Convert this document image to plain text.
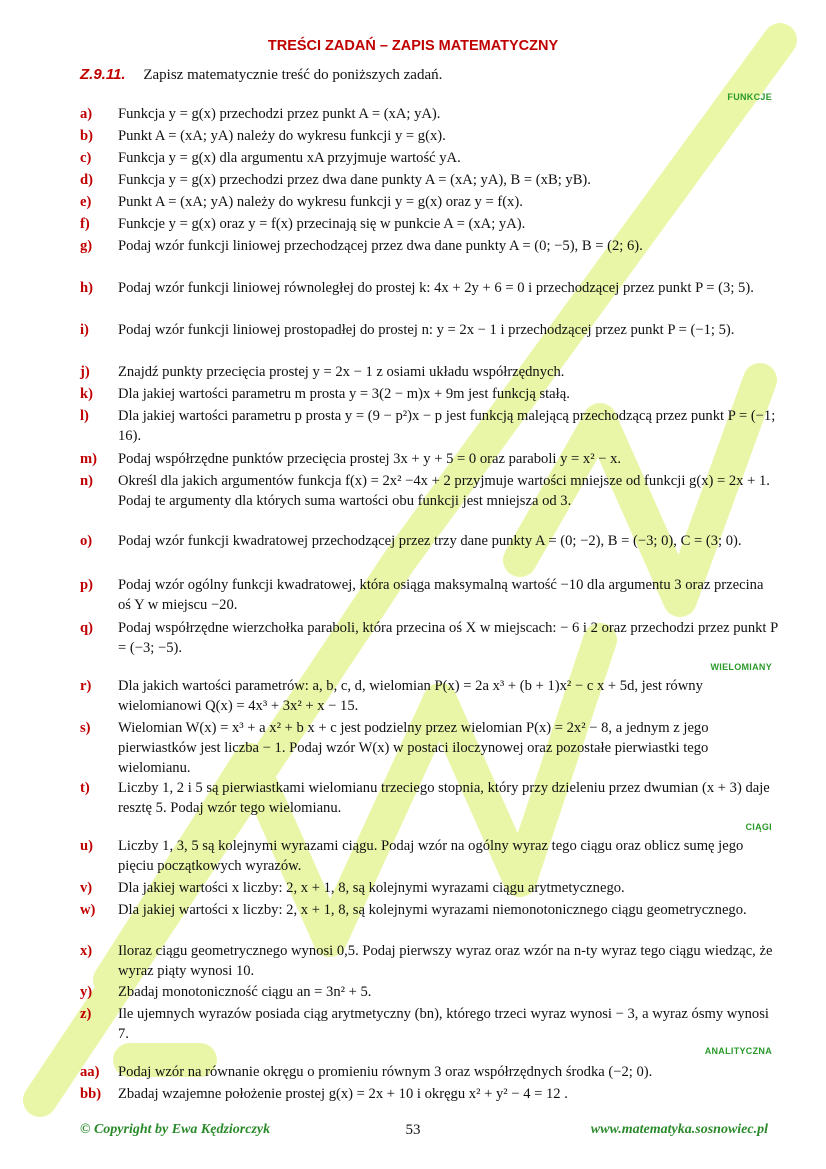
TREŚCI ZADAŃ – ZAPIS MATEMATYCZNY
Z.9.11. Zapisz matematycznie treść do poniższych zadań.
FUNKCJE
a) Funkcja y = g(x) przechodzi przez punkt A = (xA; yA).
b) Punkt A = (xA; yA) należy do wykresu funkcji y = g(x).
c) Funkcja y = g(x) dla argumentu xA przyjmuje wartość yA.
d) Funkcja y = g(x) przechodzi przez dwa dane punkty A = (xA; yA), B = (xB; yB).
e) Punkt A = (xA; yA) należy do wykresu funkcji y = g(x) oraz y = f(x).
f) Funkcje y = g(x) oraz y = f(x) przecinają się w punkcie A = (xA; yA).
g) Podaj wzór funkcji liniowej przechodzącej przez dwa dane punkty A = (0; −5), B = (2; 6).
h) Podaj wzór funkcji liniowej równoległej do prostej k: 4x + 2y + 6 = 0 i przechodzącej przez punkt P = (3; 5).
i) Podaj wzór funkcji liniowej prostopadłej do prostej n: y = 2x − 1 i przechodzącej przez punkt P = (−1; 5).
j) Znajdź punkty przecięcia prostej y = 2x − 1 z osiami układu współrzędnych.
k) Dla jakiej wartości parametru m prosta y = 3(2 − m)x + 9m jest funkcją stałą.
l) Dla jakiej wartości parametru p prosta y = (9 − p²)x − p jest funkcją malejącą przechodzącą przez punkt P = (−1; 16).
m) Podaj współrzędne punktów przecięcia prostej 3x + y + 5 = 0 oraz paraboli y = x² − x.
n) Określ dla jakich argumentów funkcja f(x) = 2x² −4x + 2 przyjmuje wartości mniejsze od funkcji g(x) = 2x + 1. Podaj te argumenty dla których suma wartości obu funkcji jest mniejsza od 3.
o) Podaj wzór funkcji kwadratowej przechodzącej przez trzy dane punkty A = (0; −2), B = (−3; 0), C = (3; 0).
p) Podaj wzór ogólny funkcji kwadratowej, która osiąga maksymalną wartość −10 dla argumentu 3 oraz przecina oś Y w miejscu −20.
q) Podaj współrzędne wierzchołka paraboli, która przecina oś X w miejscach: − 6 i 2 oraz przechodzi przez punkt P = (−3; −5).
WIELOMIANY
r) Dla jakich wartości parametrów: a, b, c, d, wielomian P(x) = 2a x³ + (b + 1)x² − c x + 5d, jest równy wielomianowi Q(x) = 4x³ + 3x² + x − 15.
s) Wielomian W(x) = x³ + a x² + b x + c jest podzielny przez wielomian P(x) = 2x² − 8, a jednym z jego pierwiastków jest liczba − 1. Podaj wzór W(x) w postaci iloczynowej oraz pozostałe pierwiastki tego wielomianu.
t) Liczby 1, 2 i 5 są pierwiastkami wielomianu trzeciego stopnia, który przy dzieleniu przez dwumian (x + 3) daje resztę 5. Podaj wzór tego wielomianu.
CIĄGI
u) Liczby 1, 3, 5 są kolejnymi wyrazami ciągu. Podaj wzór na ogólny wyraz tego ciągu oraz oblicz sumę jego pięciu początkowych wyrazów.
v) Dla jakiej wartości x liczby: 2, x + 1, 8, są kolejnymi wyrazami ciągu arytmetycznego.
w) Dla jakiej wartości x liczby: 2, x + 1, 8, są kolejnymi wyrazami niemonotonicznego ciągu geometrycznego.
x) Iloraz ciągu geometrycznego wynosi 0,5. Podaj pierwszy wyraz oraz wzór na n-ty wyraz tego ciągu wiedząc, że wyraz piąty wynosi 10.
y) Zbadaj monotoniczność ciągu an = 3n² + 5.
z) Ile ujemnych wyrazów posiada ciąg arytmetyczny (bn), którego trzeci wyraz wynosi − 3, a wyraz ósmy wynosi 7.
ANALITYCZNA
aa) Podaj wzór na równanie okręgu o promieniu równym 3 oraz współrzędnych środka (−2; 0).
bb) Zbadaj wzajemne położenie prostej g(x) = 2x + 10 i okręgu x² + y² − 4 = 12 .
53
© Copyright by Ewa Kędziorczyk	www.matematyka.sosnowiec.pl
